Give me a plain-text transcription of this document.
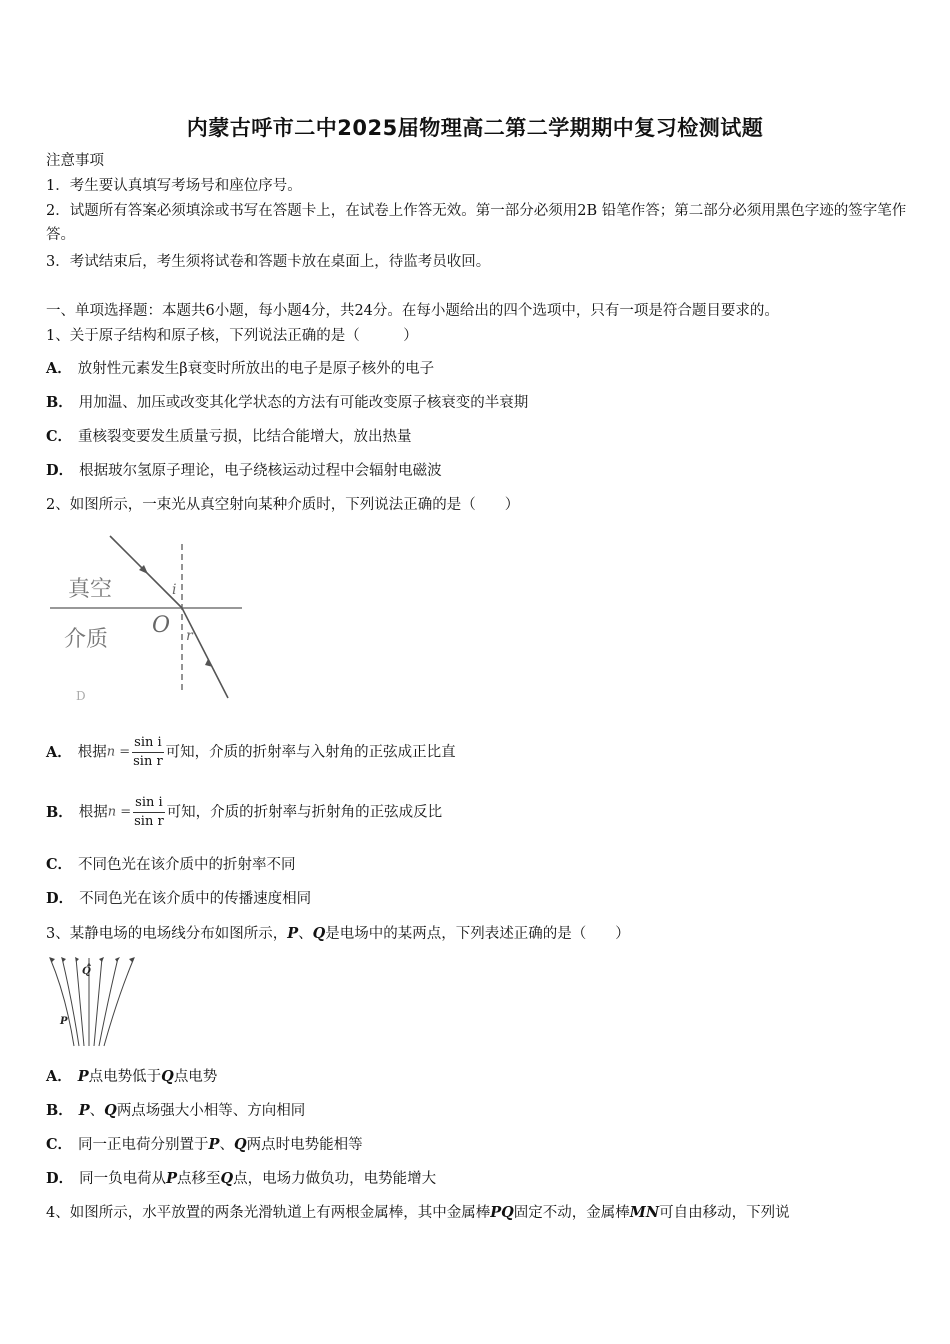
内蒙古呼市二中2025届物理高二第二学期期中复习检测试题
注意事项
1．考生要认真填写考场号和座位序号。
2．试题所有答案必须填涂或书写在答题卡上，在试卷上作答无效。第一部分必须用2B 铅笔作答；第二部分必须用黑色字迹的签字笔作答。
3．考试结束后，考生须将试卷和答题卡放在桌面上，待监考员收回。
一、单项选择题：本题共6小题，每小题4分，共24分。在每小题给出的四个选项中，只有一项是符合题目要求的。
1、关于原子结构和原子核，下列说法正确的是（　　　）
A． 放射性元素发生β衰变时所放出的电子是原子核外的电子
B． 用加温、加压或改变其化学状态的方法有可能改变原子核衰变的半衰期
C． 重核裂变要发生质量亏损，比结合能增大，放出热量
D． 根据玻尔氢原子理论，电子绕核运动过程中会辐射电磁波
2、如图所示，一束光从真空射向某种介质时，下列说法正确的是（　　）
真空
介质
O
i
r
D
A． 根据$n = \frac{\text{sin i}}{\text{sin r}}$ 可知，介质的折射率与入射角的正弦成正比直
B． 根据$n = \frac{\text{sin i}}{\text{sin r}}$ 可知，介质的折射率与折射角的正弦成反比
C． 不同色光在该介质中的折射率不同
D． 不同色光在该介质中的传播速度相同
3、某静电场的电场线分布如图所示，P、Q是电场中的某两点，下列表述正确的是（　　）
Q
P
A． P点电势低于Q点电势
B． P、Q两点场强大小相等、方向相同
C． 同一正电荷分别置于P、Q两点时电势能相等
D． 同一负电荷从P点移至Q点，电场力做负功，电势能增大
4、如图所示，水平放置的两条光滑轨道上有两根金属棒，其中金属棒PQ固定不动，金属棒MN可自由移动，下列说
